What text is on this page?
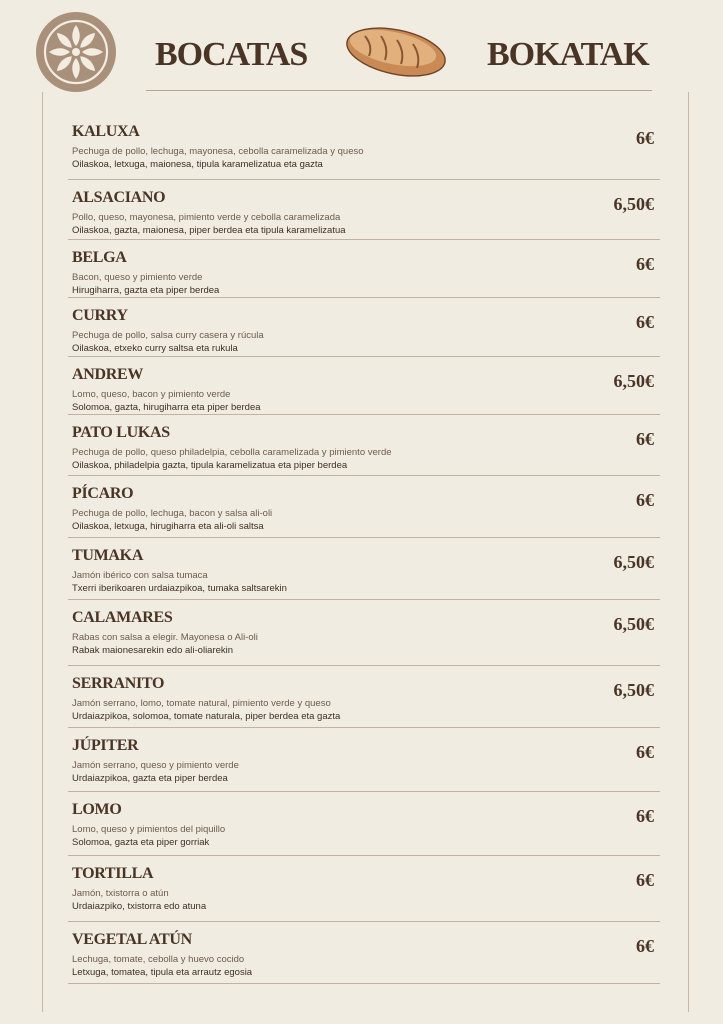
BOCATAS	BOKATAK
KALUXA
Pechuga de pollo, lechuga, mayonesa, cebolla caramelizada y queso
Oilaskoa, letxuga, maionesa, tipula karamelizatua eta gazta
6€
ALSACIANO
Pollo, queso, mayonesa, pimiento verde y cebolla caramelizada
Oilaskoa, gazta, maionesa, piper berdea eta tipula karamelizatua
6,50€
BELGA
Bacon, queso y pimiento verde
Hirugiharra, gazta eta piper berdea
6€
CURRY
Pechuga de pollo, salsa curry casera y rúcula
Oilaskoa, etxeko curry saltsa eta rukula
6€
ANDREW
Lomo, queso, bacon y pimiento verde
Solomoa, gazta, hirugiharra eta piper berdea
6,50€
PATO LUKAS
Pechuga de pollo, queso philadelpia, cebolla caramelizada y pimiento verde
Oilaskoa, philadelpia gazta, tipula karamelizatua eta piper berdea
6€
PÍCARO
Pechuga de pollo, lechuga, bacon y salsa ali-oli
Oilaskoa, letxuga, hirugiharra eta ali-oli saltsa
6€
TUMAKA
Jamón ibérico con salsa tumaca
Txerri iberikoaren urdaiazpikoa, tumaka saltsarekin
6,50€
CALAMARES
Rabas con salsa a elegir. Mayonesa o Ali-oli
Rabak maionesarekin edo ali-oliarekin
6,50€
SERRANITO
Jamón serrano, lomo, tomate natural, pimiento verde y queso
Urdaiazpikoa, solomoa, tomate naturala, piper berdea eta gazta
6,50€
JÚPITER
Jamón serrano, queso y pimiento verde
Urdaiazpikoa, gazta eta piper berdea
6€
LOMO
Lomo, queso y pimientos del piquillo
Solomoa, gazta eta piper gorriak
6€
TORTILLA
Jamón, txistorra o atún
Urdaiazpiko, txistorra edo atuna
6€
VEGETAL ATÚN
Lechuga, tomate, cebolla y huevo cocido
Letxuga, tomatea, tipula eta arrautz egosia
6€
